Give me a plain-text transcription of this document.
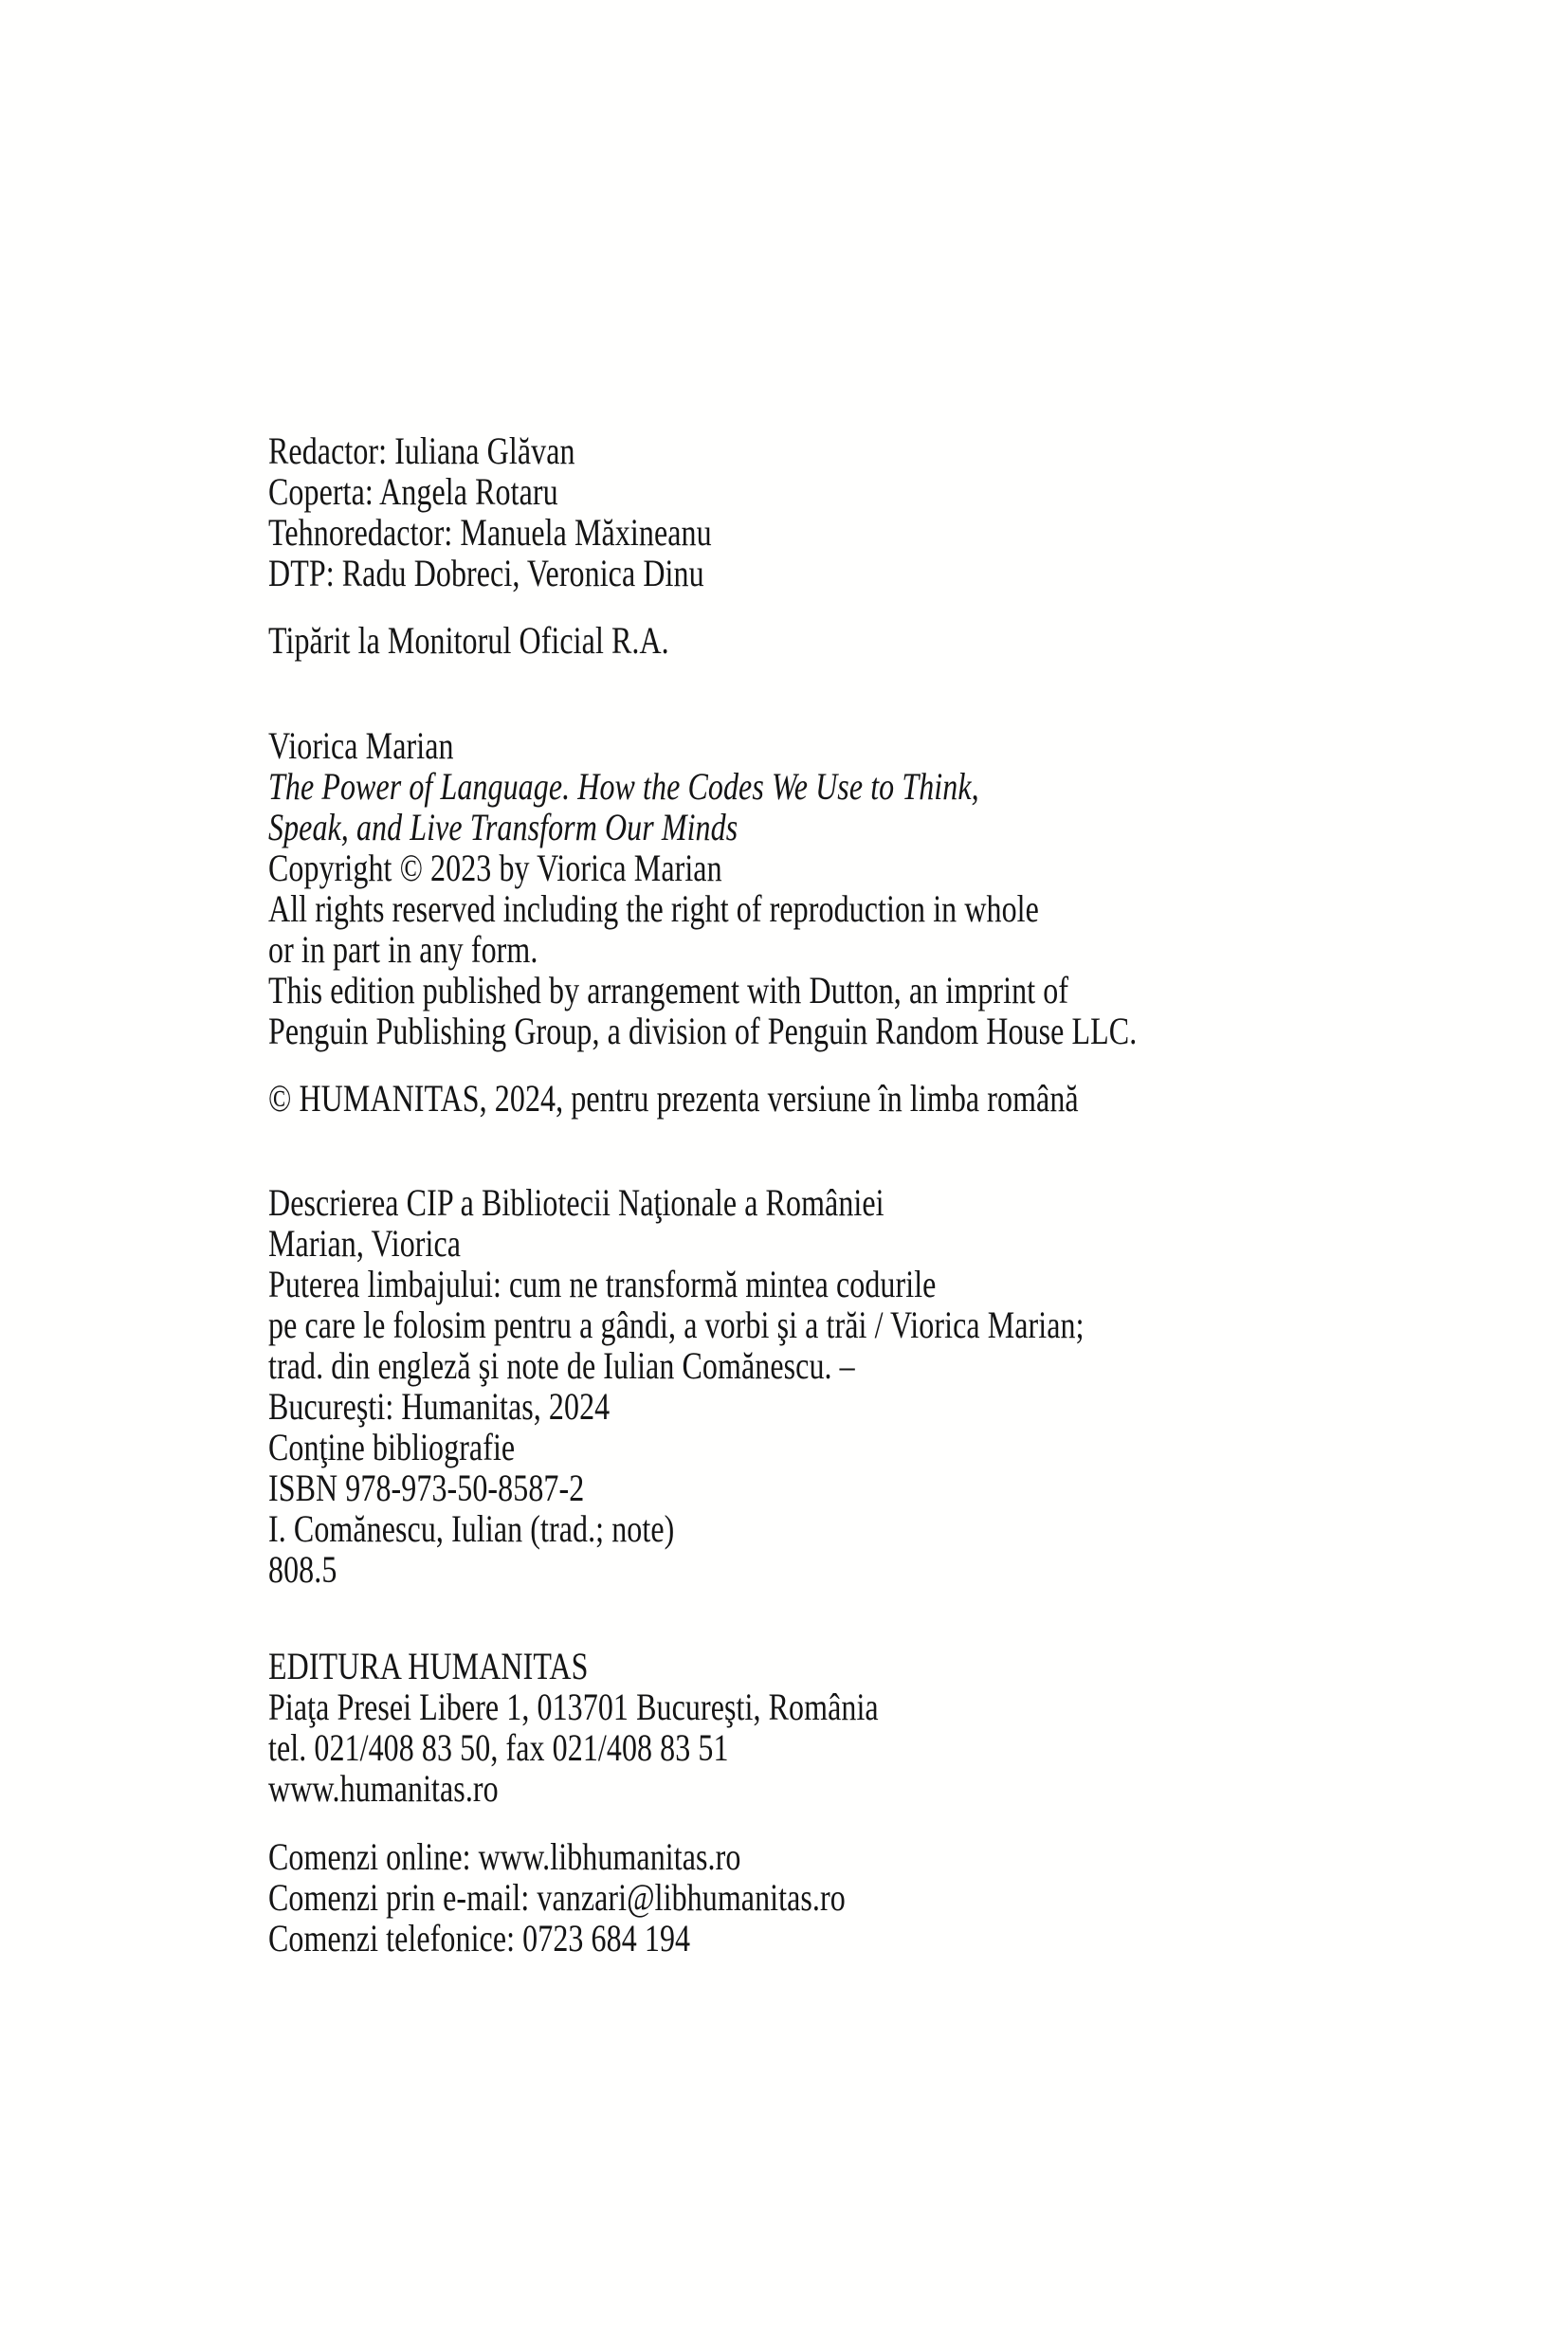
Redactor: Iuliana Glăvan
Coperta: Angela Rotaru
Tehnoredactor: Manuela Măxineanu
DTP: Radu Dobreci, Veronica Dinu
Tipărit la Monitorul Oficial R.A.
Viorica Marian
The Power of Language. How the Codes We Use to Think,
Speak, and Live Transform Our Minds
Copyright © 2023 by Viorica Marian
All rights reserved including the right of reproduction in whole
or in part in any form.
This edition published by arrangement with Dutton, an imprint of
Penguin Publishing Group, a division of Penguin Random House LLC.
© HUMANITAS, 2024, pentru prezenta versiune în limba română
Descrierea CIP a Bibliotecii Naţionale a României
Marian, Viorica
Puterea limbajului: cum ne transformă mintea codurile
pe care le folosim pentru a gândi, a vorbi şi a trăi / Viorica Marian;
trad. din engleză şi note de Iulian Comănescu. –
Bucureşti: Humanitas, 2024
Conţine bibliografie
ISBN 978-973-50-8587-2
I. Comănescu, Iulian (trad.; note)
808.5
EDITURA HUMANITAS
Piaţa Presei Libere 1, 013701 Bucureşti, România
tel. 021/408 83 50, fax 021/408 83 51
www.humanitas.ro
Comenzi online: www.libhumanitas.ro
Comenzi prin e-mail: vanzari@libhumanitas.ro
Comenzi telefonice: 0723 684 194
